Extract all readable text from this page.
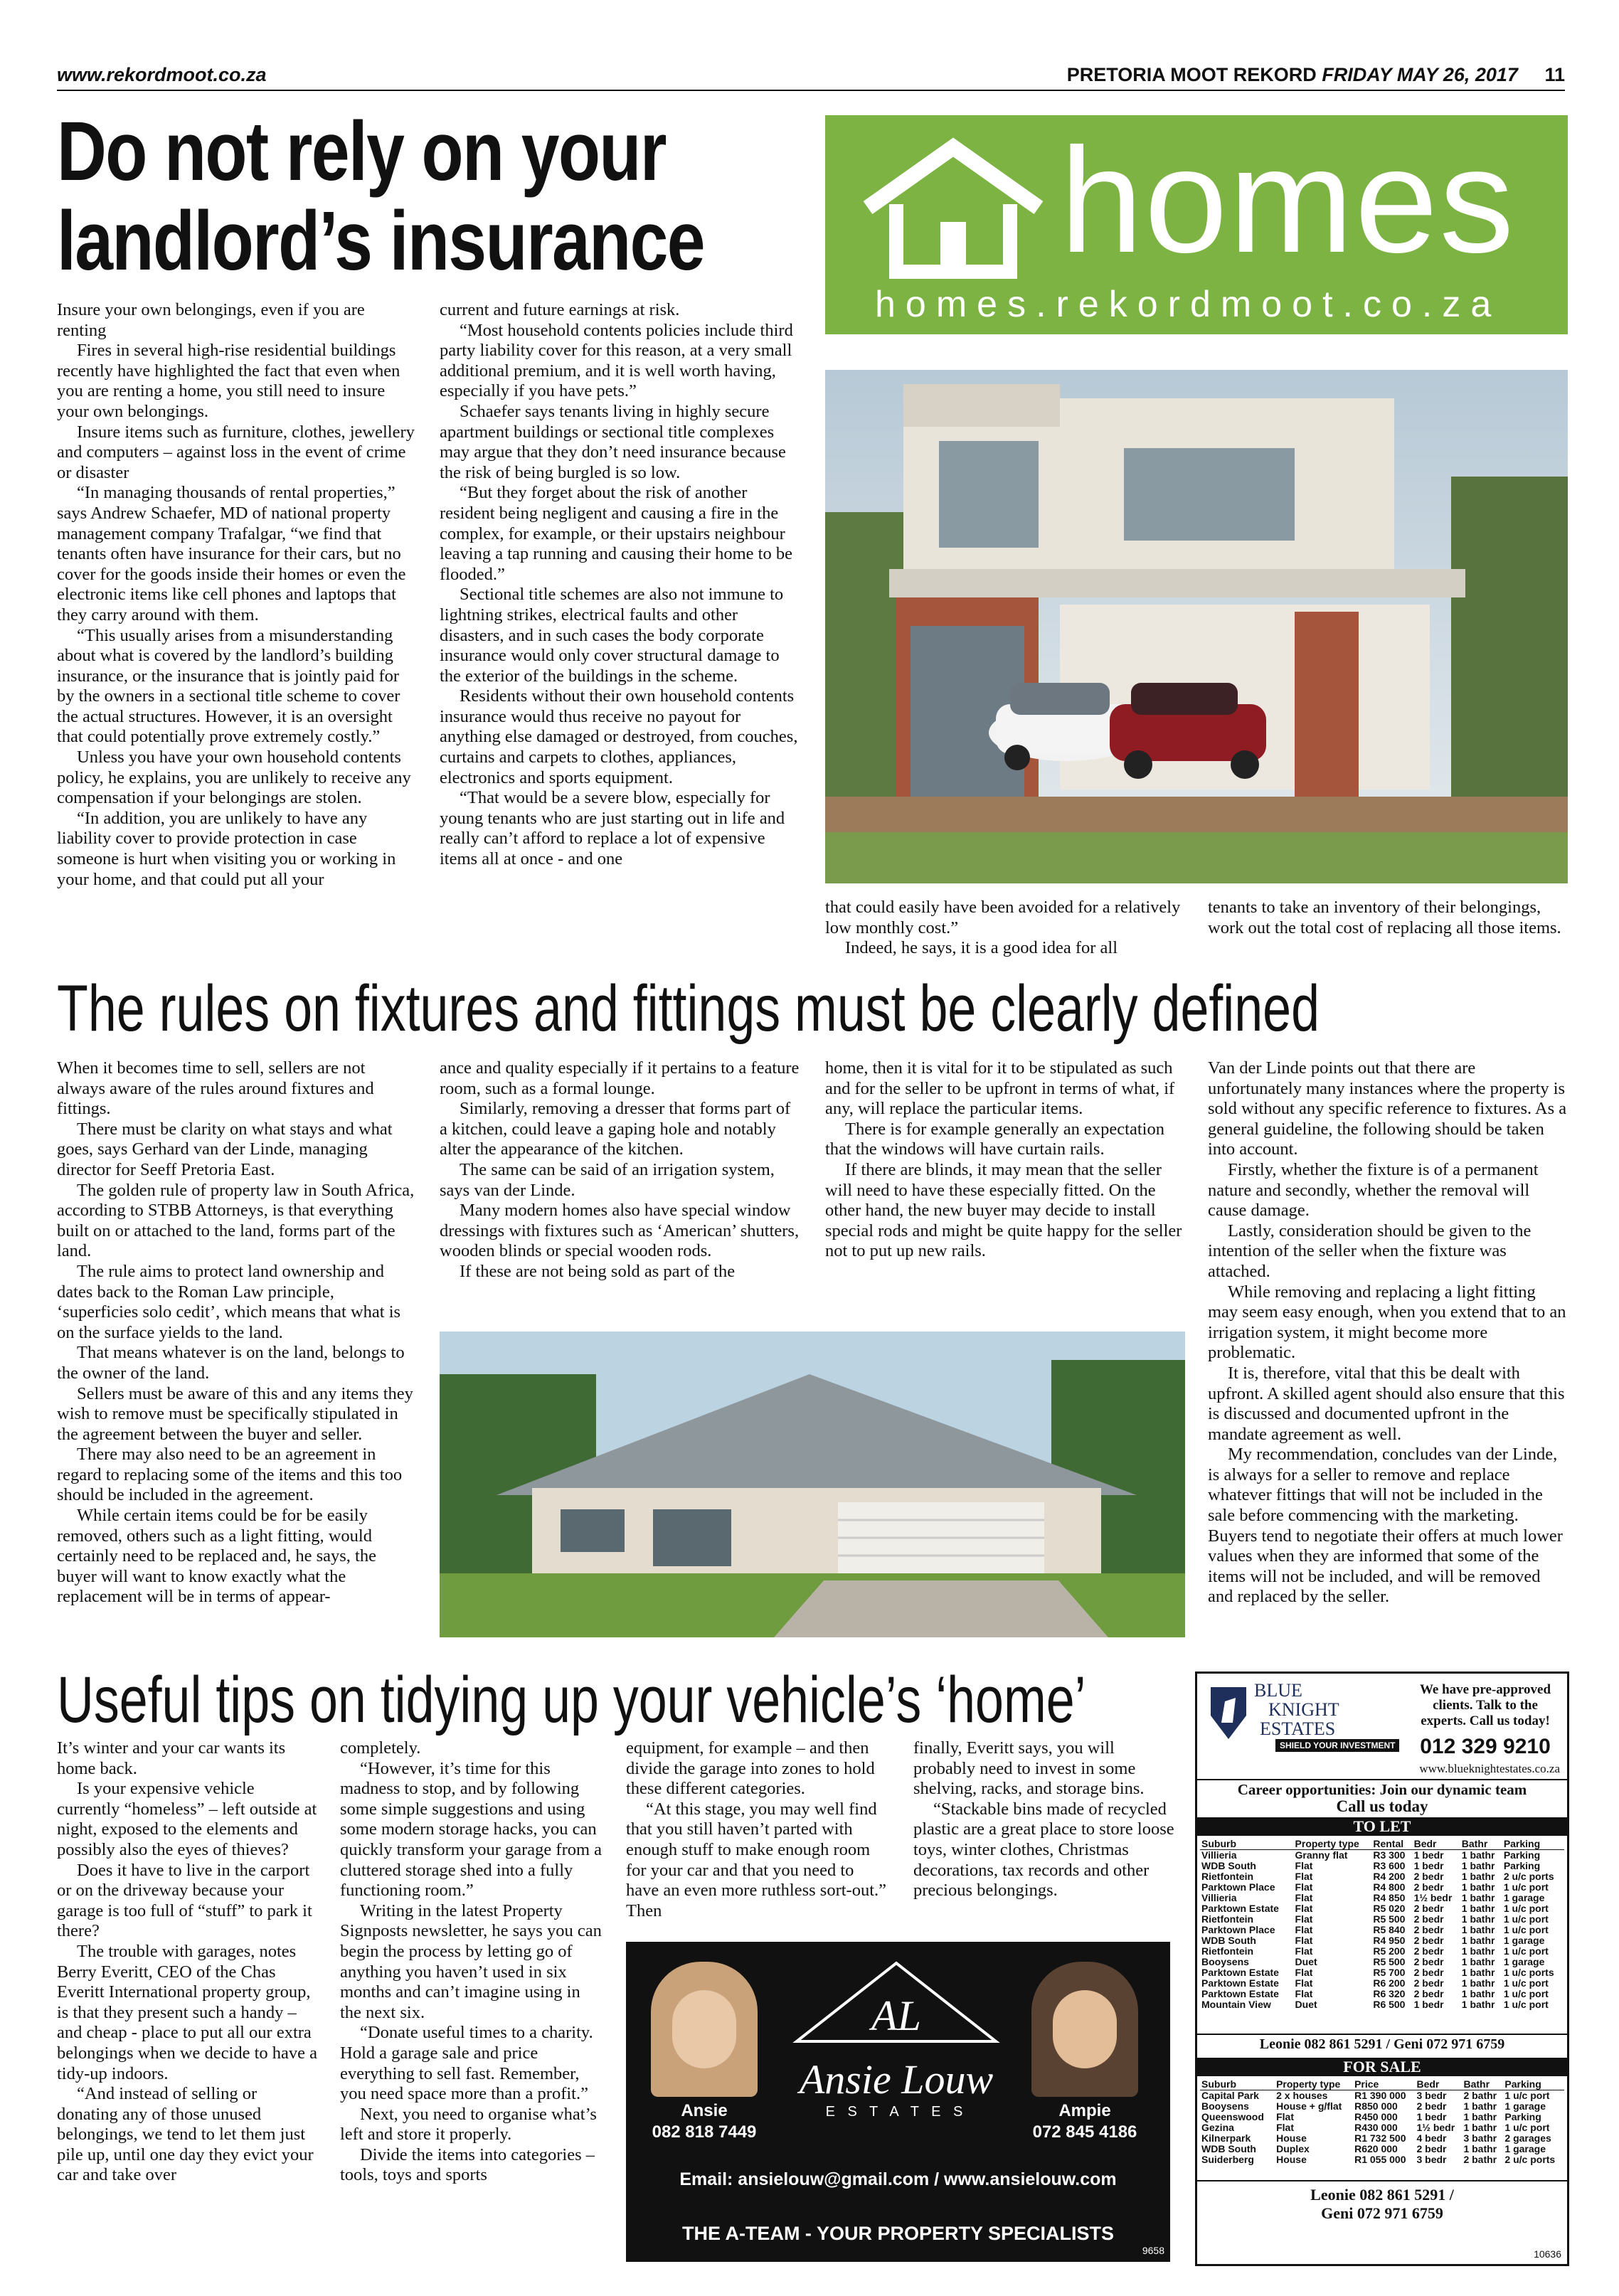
www.rekordmoot.co.za	PRETORIA MOOT REKORD FRIDAY MAY 26, 2017 11
Do not rely on your
landlord’s insurance	homes
homes.rekordmoot.co.za

Insure your own belongings, even if you are renting

Fires in several high-rise residential buildings recently have highlighted the fact that even when you are renting a home, you still need to insure your own belongings.

Insure items such as furniture, clothes, jewellery and computers – against loss in the event of crime or disaster

“In managing thousands of rental properties,” says Andrew Schaefer, MD of national property management company Trafalgar, “we find that tenants often have insurance for their cars, but no cover for the goods inside their homes or even the electronic items like cell phones and laptops that they carry around with them.

“This usually arises from a misunderstanding about what is covered by the landlord’s building insurance, or the insurance that is jointly paid for by the owners in a sectional title scheme to cover the actual structures. However, it is an oversight that could potentially prove extremely costly.”

Unless you have your own household contents policy, he explains, you are unlikely to receive any compensation if your belongings are stolen.

“In addition, you are unlikely to have any liability cover to provide protection in case someone is hurt when visiting you or working in your home, and that could put all your

current and future earnings at risk.

“Most household contents policies include third party liability cover for this reason, at a very small additional premium, and it is well worth having, especially if you have pets.”

Schaefer says tenants living in highly secure apartment buildings or sectional title complexes may argue that they don’t need insurance because the risk of being burgled is so low.

“But they forget about the risk of another resident being negligent and causing a fire in the complex, for example, or their upstairs neighbour leaving a tap running and causing their home to be flooded.”

Sectional title schemes are also not immune to lightning strikes, electrical faults and other disasters, and in such cases the body corporate insurance would only cover structural damage to the exterior of the buildings in the scheme.

Residents without their own household contents insurance would thus receive no payout for anything else damaged or destroyed, from couches, curtains and carpets to clothes, appliances, electronics and sports equipment.

“That would be a severe blow, especially for young tenants who are just starting out in life and really can’t afford to replace a lot of expensive items all at once - and one

that could easily have been avoided for a relatively low monthly cost.”

Indeed, he says, it is a good idea for all

tenants to take an inventory of their belongings, work out the total cost of replacing all those items.

The rules on fixtures and fittings must be clearly defined

When it becomes time to sell, sellers are not always aware of the rules around fixtures and fittings.

There must be clarity on what stays and what goes, says Gerhard van der Linde, managing director for Seeff Pretoria East.

The golden rule of property law in South Africa, according to STBB Attorneys, is that everything built on or attached to the land, forms part of the land.

The rule aims to protect land ownership and dates back to the Roman Law principle, ‘superficies solo cedit’, which means that what is on the surface yields to the land.

That means whatever is on the land, belongs to the owner of the land.

Sellers must be aware of this and any items they wish to remove must be specifically stipulated in the agreement between the buyer and seller.

There may also need to be an agreement in regard to replacing some of the items and this too should be included in the agreement.

While certain items could be for be easily removed, others such as a light fitting, would certainly need to be replaced and, he says, the buyer will want to know exactly what the replacement will be in terms of appear-

ance and quality especially if it pertains to a feature room, such as a formal lounge.

Similarly, removing a dresser that forms part of a kitchen, could leave a gaping hole and notably alter the appearance of the kitchen.

The same can be said of an irrigation system, says van der Linde.

Many modern homes also have special window dressings with fixtures such as ‘American’ shutters, wooden blinds or special wooden rods.

If these are not being sold as part of the

home, then it is vital for it to be stipulated as such and for the seller to be upfront in terms of what, if any, will replace the particular items.

There is for example generally an expectation that the windows will have curtain rails.

If there are blinds, it may mean that the seller will need to have these especially fitted. On the other hand, the new buyer may decide to install special rods and might be quite happy for the seller not to put up new rails.

Van der Linde points out that there are unfortunately many instances where the property is sold without any specific reference to fixtures. As a general guideline, the following should be taken into account.

Firstly, whether the fixture is of a permanent nature and secondly, whether the removal will cause damage.

Lastly, consideration should be given to the intention of the seller when the fixture was attached.

While removing and replacing a light fitting may seem easy enough, when you extend that to an irrigation system, it might become more problematic.

It is, therefore, vital that this be dealt with upfront. A skilled agent should also ensure that this is discussed and documented upfront in the mandate agreement as well.

My recommendation, concludes van der Linde, is always for a seller to remove and replace whatever fittings that will not be included in the sale before commencing with the marketing. Buyers tend to negotiate their offers at much lower values when they are informed that some of the items will not be included, and will be removed and replaced by the seller.

Useful tips on tidying up your vehicle’s ‘home’

It’s winter and your car wants its home back.

Is your expensive vehicle currently “homeless” – left outside at night, exposed to the elements and possibly also the eyes of thieves?

Does it have to live in the carport or on the driveway because your garage is too full of “stuff” to park it there?

The trouble with garages, notes Berry Everitt, CEO of the Chas Everitt International property group, is that they present such a handy – and cheap - place to put all our extra belongings when we decide to have a tidy-up indoors.

“And instead of selling or donating any of those unused belongings, we tend to let them just pile up, until one day they evict your car and take over

completely.

“However, it’s time for this madness to stop, and by following some simple suggestions and using some modern storage hacks, you can quickly transform your garage from a cluttered storage shed into a fully functioning room.”

Writing in the latest Property Signposts newsletter, he says you can begin the process by letting go of anything you haven’t used in six months and can’t imagine using in the next six.

“Donate useful times to a charity. Hold a garage sale and price everything to sell fast. Remember, you need space more than a profit.”

Next, you need to organise what’s left and store it properly.

Divide the items into categories – tools, toys and sports

equipment, for example – and then divide the garage into zones to hold these different categories.

“At this stage, you may well find that you still haven’t parted with enough stuff to make enough room for your car and that you need to have an even more ruthless sort-out.” Then

finally, Everitt says, you will probably need to invest in some shelving, racks, and storage bins.

“Stackable bins made of recycled plastic are a great place to store loose toys, winter clothes, Christmas decorations, tax records and other precious belongings.

AL
Ansie Louw
E S T A T E S
Ansie
082 818 7449
Ampie
072 845 4186
Email: ansielouw@gmail.com / www.ansielouw.com
THE A-TEAM - YOUR PROPERTY SPECIALISTS
9658
BLUE
KNIGHT
ESTATES
SHIELD YOUR INVESTMENT
We have pre-approved clients. Talk to the experts. Call us today!
012 329 9210
www.blueknightestates.co.za
Career opportunities: Join our dynamic team
Call us today
TO LET
Suburb	Property type	Rental	Bedr	Bathr	Parking
Villieria	Granny flat	R3 300	1 bedr	1 bathr	Parking
WDB South	Flat	R3 600	1 bedr	1 bathr	Parking
Rietfontein	Flat	R4 200	2 bedr	1 bathr	2 u/c ports
Parktown Place	Flat	R4 800	2 bedr	1 bathr	1 u/c port
Villieria	Flat	R4 850	1½ bedr	1 bathr	1 garage
Parktown Estate	Flat	R5 020	2 bedr	1 bathr	1 u/c port
Rietfontein	Flat	R5 500	2 bedr	1 bathr	1 u/c port
Parktown Place	Flat	R5 840	2 bedr	1 bathr	1 u/c port
WDB South	Flat	R4 950	2 bedr	1 bathr	1 garage
Rietfontein	Flat	R5 200	2 bedr	1 bathr	1 u/c port
Booysens	Duet	R5 500	2 bedr	1 bathr	1 garage
Parktown Estate	Flat	R5 700	2 bedr	1 bathr	1 u/c ports
Parktown Estate	Flat	R6 200	2 bedr	1 bathr	1 u/c port
Parktown Estate	Flat	R6 320	2 bedr	1 bathr	1 u/c port
Mountain View	Duet	R6 500	1 bedr	1 bathr	1 u/c port
Leonie 082 861 5291 / Geni 072 971 6759
FOR SALE
Suburb	Property type	Price	Bedr	Bathr	Parking
Capital Park	2 x houses	R1 390 000	3 bedr	2 bathr	1 u/c port
Booysens	House + g/flat	R850 000	2 bedr	1 bathr	1 garage
Queenswood	Flat	R450 000	1 bedr	1 bathr	Parking
Gezina	Flat	R430 000	1½ bedr	1 bathr	1 u/c port
Kilnerpark	House	R1 732 500	4 bedr	3 bathr	2 garages
WDB South	Duplex	R620 000	2 bedr	1 bathr	1 garage
Suiderberg	House	R1 055 000	3 bedr	2 bathr	2 u/c ports
Leonie 082 861 5291 /
Geni 072 971 6759
10636
